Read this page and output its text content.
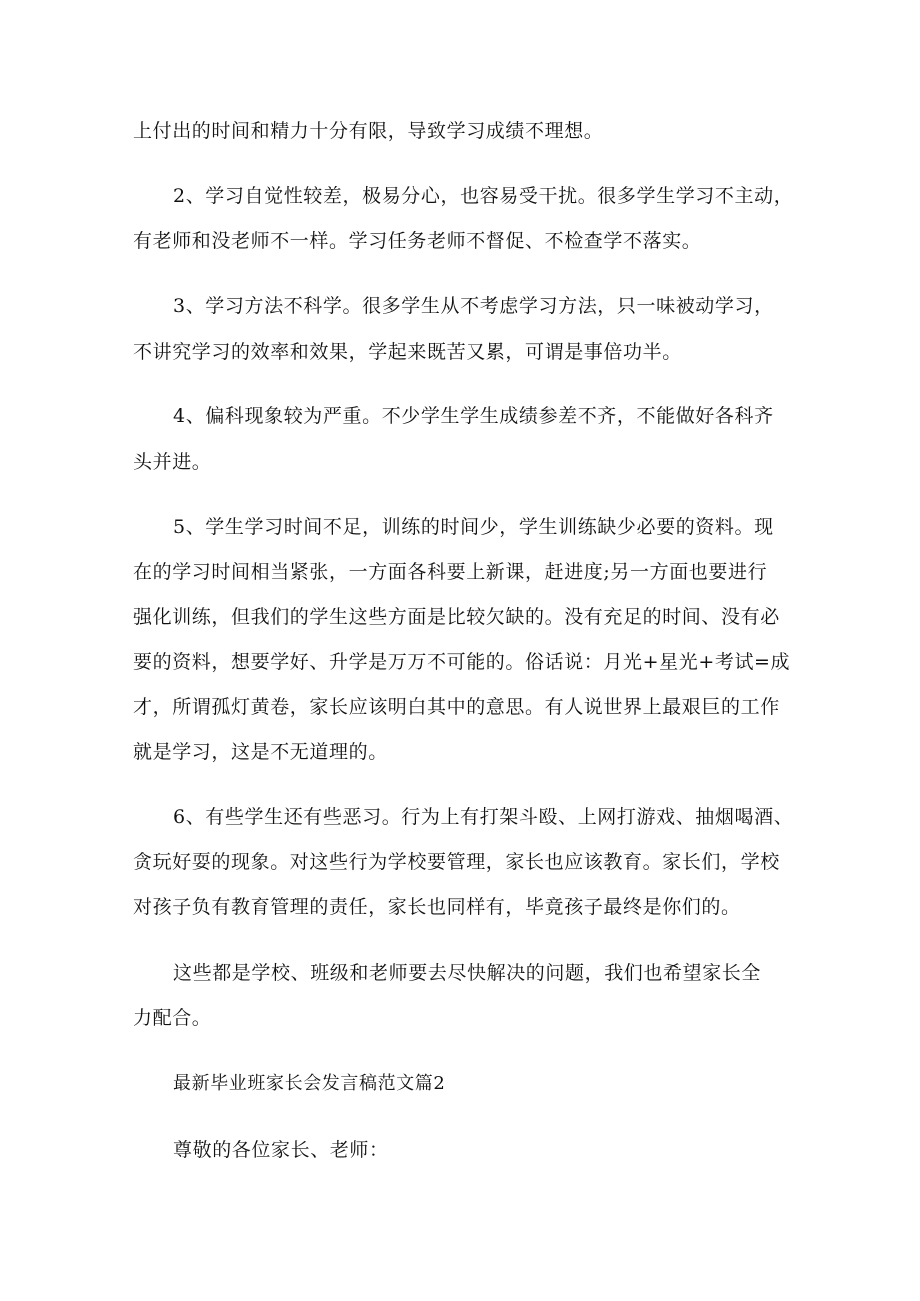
上付出的时间和精力十分有限，导致学习成绩不理想。
2、学习自觉性较差，极易分心，也容易受干扰。很多学生学习不主动，
有老师和没老师不一样。学习任务老师不督促、不检查学不落实。
3、学习方法不科学。很多学生从不考虑学习方法，只一味被动学习，
不讲究学习的效率和效果，学起来既苦又累，可谓是事倍功半。
4、偏科现象较为严重。不少学生学生成绩参差不齐，不能做好各科齐
头并进。
5、学生学习时间不足，训练的时间少，学生训练缺少必要的资料。现
在的学习时间相当紧张，一方面各科要上新课，赶进度;另一方面也要进行
强化训练，但我们的学生这些方面是比较欠缺的。没有充足的时间、没有必
要的资料，想要学好、升学是万万不可能的。俗话说：月光+星光+考试=成
才，所谓孤灯黄卷，家长应该明白其中的意思。有人说世界上最艰巨的工作
就是学习，这是不无道理的。
6、有些学生还有些恶习。行为上有打架斗殴、上网打游戏、抽烟喝酒、
贪玩好耍的现象。对这些行为学校要管理，家长也应该教育。家长们，学校
对孩子负有教育管理的责任，家长也同样有，毕竟孩子最终是你们的。
这些都是学校、班级和老师要去尽快解决的问题，我们也希望家长全
力配合。
最新毕业班家长会发言稿范文篇2
尊敬的各位家长、老师：
